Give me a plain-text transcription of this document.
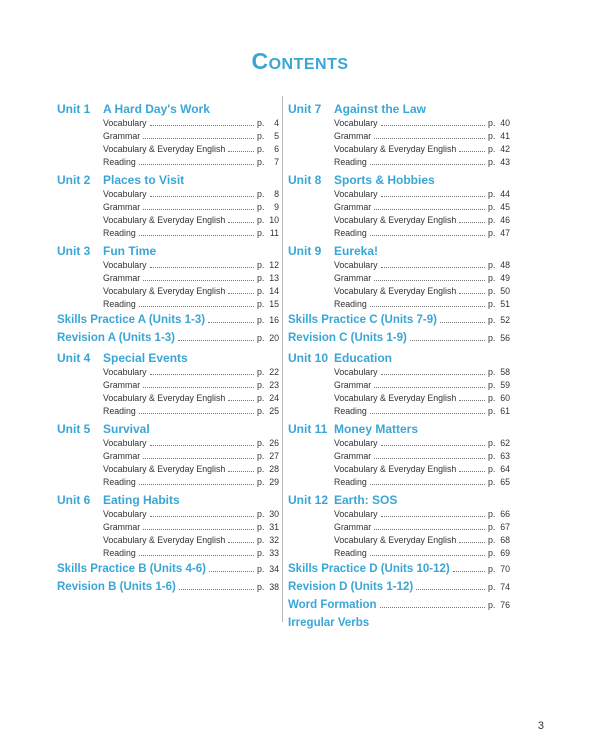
Contents
Unit 1	A Hard Day's Work
Vocabulary	p.	4
Grammar	p.	5
Vocabulary & Everyday English	p.	6
Reading	p.	7
Unit 2	Places to Visit
Vocabulary	p.	8
Grammar	p.	9
Vocabulary & Everyday English	p. 10
Reading	p. 11
Unit 3	Fun Time
Vocabulary	p. 12
Grammar	p. 13
Vocabulary & Everyday English	p. 14
Reading	p. 15
Skills Practice A (Units 1-3)	p. 16
Revision A (Units 1-3)	p. 20
Unit 4	Special Events
Vocabulary	p. 22
Grammar	p. 23
Vocabulary & Everyday English	p. 24
Reading	p. 25
Unit 5	Survival
Vocabulary	p. 26
Grammar	p. 27
Vocabulary & Everyday English	p. 28
Reading	p. 29
Unit 6	Eating Habits
Vocabulary	p. 30
Grammar	p. 31
Vocabulary & Everyday English	p. 32
Reading	p. 33
Skills Practice B (Units 4-6)	p. 34
Revision B (Units 1-6)	p. 38
Unit 7	Against the Law
Vocabulary	p. 40
Grammar	p. 41
Vocabulary & Everyday English	p. 42
Reading	p. 43
Unit 8	Sports & Hobbies
Vocabulary	p. 44
Grammar	p. 45
Vocabulary & Everyday English	p. 46
Reading	p. 47
Unit 9	Eureka!
Vocabulary	p. 48
Grammar	p. 49
Vocabulary & Everyday English	p. 50
Reading	p. 51
Skills Practice C (Units 7-9)	p. 52
Revision C (Units 1-9)	p. 56
Unit 10 Education
Vocabulary	p. 58
Grammar	p. 59
Vocabulary & Everyday English	p. 60
Reading	p. 61
Unit 11 Money Matters
Vocabulary	p. 62
Grammar	p. 63
Vocabulary & Everyday English	p. 64
Reading	p. 65
Unit 12 Earth: SOS
Vocabulary	p. 66
Grammar	p. 67
Vocabulary & Everyday English	p. 68
Reading	p. 69
Skills Practice D (Units 10-12)	p. 70
Revision D (Units 1-12)	p. 74
Word Formation	p. 76
Irregular Verbs
3
